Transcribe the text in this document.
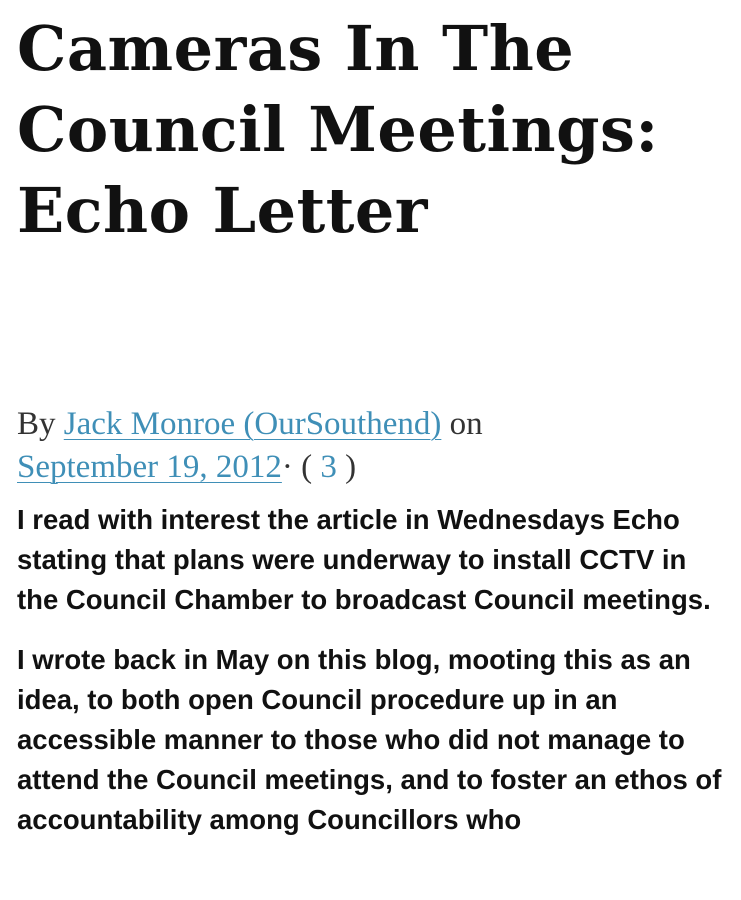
Cameras In The Council Meetings: Echo Letter
By Jack Monroe (OurSouthend) on
September 19, 2012· ( 3 )

I read with interest the article in Wednesdays Echo stating that plans were underway to install CCTV in the Council Chamber to broadcast Council meetings.

I wrote back in May on this blog, mooting this as an idea, to both open Council procedure up in an accessible manner to those who did not manage to attend the Council meetings, and to foster an ethos of accountability among Councillors who
